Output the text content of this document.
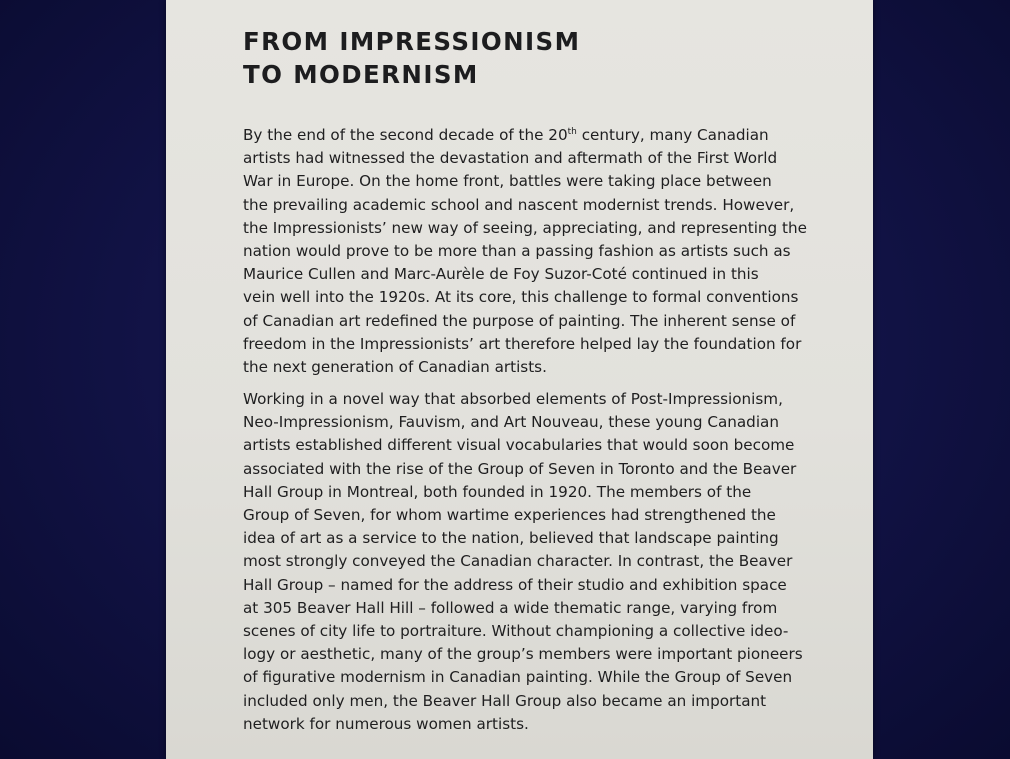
FROM IMPRESSIONISM
TO MODERNISM

By the end of the second decade of the 20th century, many Canadian
artists had witnessed the devastation and aftermath of the First World
War in Europe. On the home front, battles were taking place between
the prevailing academic school and nascent modernist trends. However,
the Impressionists’ new way of seeing, appreciating, and representing the
nation would prove to be more than a passing fashion as artists such as
Maurice Cullen and Marc-Aurèle de Foy Suzor-Coté continued in this
vein well into the 1920s. At its core, this challenge to formal conventions
of Canadian art redefined the purpose of painting. The inherent sense of
freedom in the Impressionists’ art therefore helped lay the foundation for
the next generation of Canadian artists.

Working in a novel way that absorbed elements of Post-Impressionism,
Neo-Impressionism, Fauvism, and Art Nouveau, these young Canadian
artists established different visual vocabularies that would soon become
associated with the rise of the Group of Seven in Toronto and the Beaver
Hall Group in Montreal, both founded in 1920. The members of the
Group of Seven, for whom wartime experiences had strengthened the
idea of art as a service to the nation, believed that landscape painting
most strongly conveyed the Canadian character. In contrast, the Beaver
Hall Group – named for the address of their studio and exhibition space
at 305 Beaver Hall Hill – followed a wide thematic range, varying from
scenes of city life to portraiture. Without championing a collective ideo-
logy or aesthetic, many of the group’s members were important pioneers
of figurative modernism in Canadian painting. While the Group of Seven
included only men, the Beaver Hall Group also became an important
network for numerous women artists.
